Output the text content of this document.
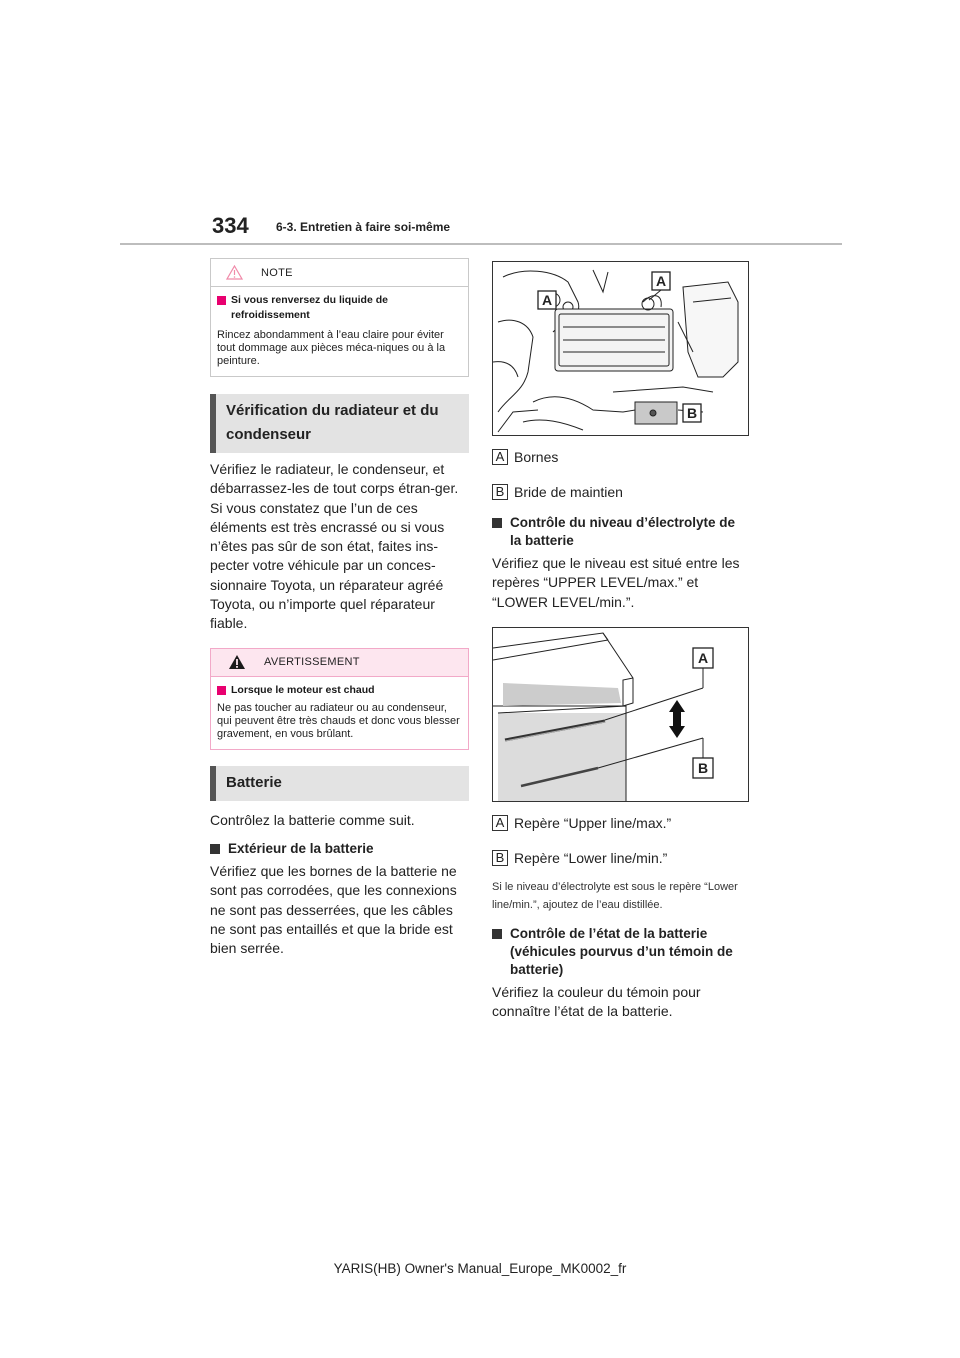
334 6-3. Entretien à faire soi-même
NOTE
Si vous renversez du liquide de refroidissement
Rincez abondamment à l’eau claire pour éviter tout dommage aux pièces méca-niques ou à la peinture.
Vérification du radiateur et du condenseur
Vérifiez le radiateur, le condenseur, et débarrassez-les de tout corps étran-ger. Si vous constatez que l’un de ces éléments est très encrassé ou si vous n’êtes pas sûr de son état, faites ins-pecter votre véhicule par un conces-sionnaire Toyota, un réparateur agréé Toyota, ou n’importe quel réparateur fiable.
AVERTISSEMENT
Lorsque le moteur est chaud
Ne pas toucher au radiateur ou au condenseur, qui peuvent être très chauds et donc vous blesser gravement, en vous brûlant.
Batterie
Contrôlez la batterie comme suit.
Extérieur de la batterie
Vérifiez que les bornes de la batterie ne sont pas corrodées, que les connexions ne sont pas desserrées, que les câbles ne sont pas entaillés et que la bride est bien serrée.
A
A
B
A Bornes
B Bride de maintien
Contrôle du niveau d’électrolyte de la batterie
Vérifiez que le niveau est situé entre les repères “UPPER LEVEL/max.” et “LOWER LEVEL/min.”.
A
B
A Repère “Upper line/max.”
B Repère “Lower line/min.”
Si le niveau d’électrolyte est sous le repère “Lower line/min.”, ajoutez de l’eau distillée.
Contrôle de l’état de la batterie (véhicules pourvus d’un témoin de batterie)
Vérifiez la couleur du témoin pour connaître l’état de la batterie.
YARIS(HB) Owner's Manual_Europe_MK0002_fr
